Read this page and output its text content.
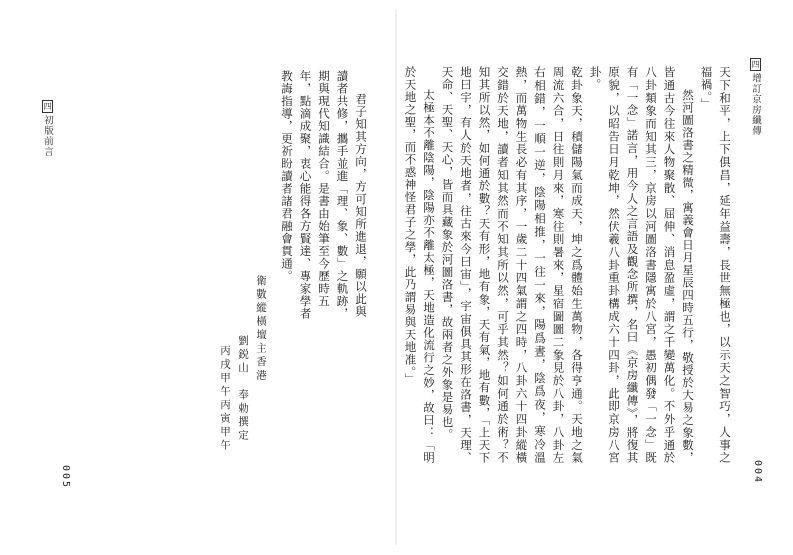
四初版前言	君子知其方向，方可知所進退，願以此與讀者共修，攜手並進「理、象、數」之軌跡，期與現代知識結合。是書由始筆至今歷時五年，點滴成聚，衷心能得各方賢達、專家學者教誨指導，更祈盼讀者諸君融會貫通。

衛數縱橫壇主香港
劉鋭山　奉勅撰定
丙戌甲午丙寅甲午
005
四增訂京房纖傳

天下和平，上下俱昌，延年益壽，長世無極也，以示天之智巧，人事之福禍。」

然河圖洛書之精微，寓義會日月星辰四時五行，敬授於大易之象數，皆通古今往來人物聚散、屈伸、消息盈虛，謂之千變萬化。不外乎通於八卦類象而知其三，京房以河圖洛書隱寓於八宮，愚初偶發「一念」既有「一念」諾言，用今人之言語及觀念所撰，名曰《京房纖傳》，將復其原貌，以昭告日月乾坤，然伏羲八卦重卦構成六十四卦，此即京房八宮卦。

乾卦象天，積儲陽氣而成天，坤之爲體始生萬物，各得亨通。天地之氣周流六合，日往則月來，寒往則暑來，星宿圖圖二象見於八卦，八卦左右相錯，一順一逆，陰陽相推，一往一來，陽爲晝，陰爲夜，寒冷溫熱，而萬物生長必有其序，一歲二十四氣謂之四時，八卦六十四卦縱橫交錯於天地，讀者知其然而不知其所以然，可乎其然？如何通於術？不知其所以然，如何通於數？天有形，地有象，天有氣，地有數，「上天下地曰宇，有人於天地者，往古來今曰宙」，宇宙俱具其形在洛書，天理、天命、天聖、天心，皆而具藏象於河圖洛書，故兩者之外象是易也。

太極本不離陰陽，陰陽亦不離太極，天地造化流行之妙，故曰：「明於天地之聖，而不惑神怪君子之學，此乃謂易與天地准。」

004
